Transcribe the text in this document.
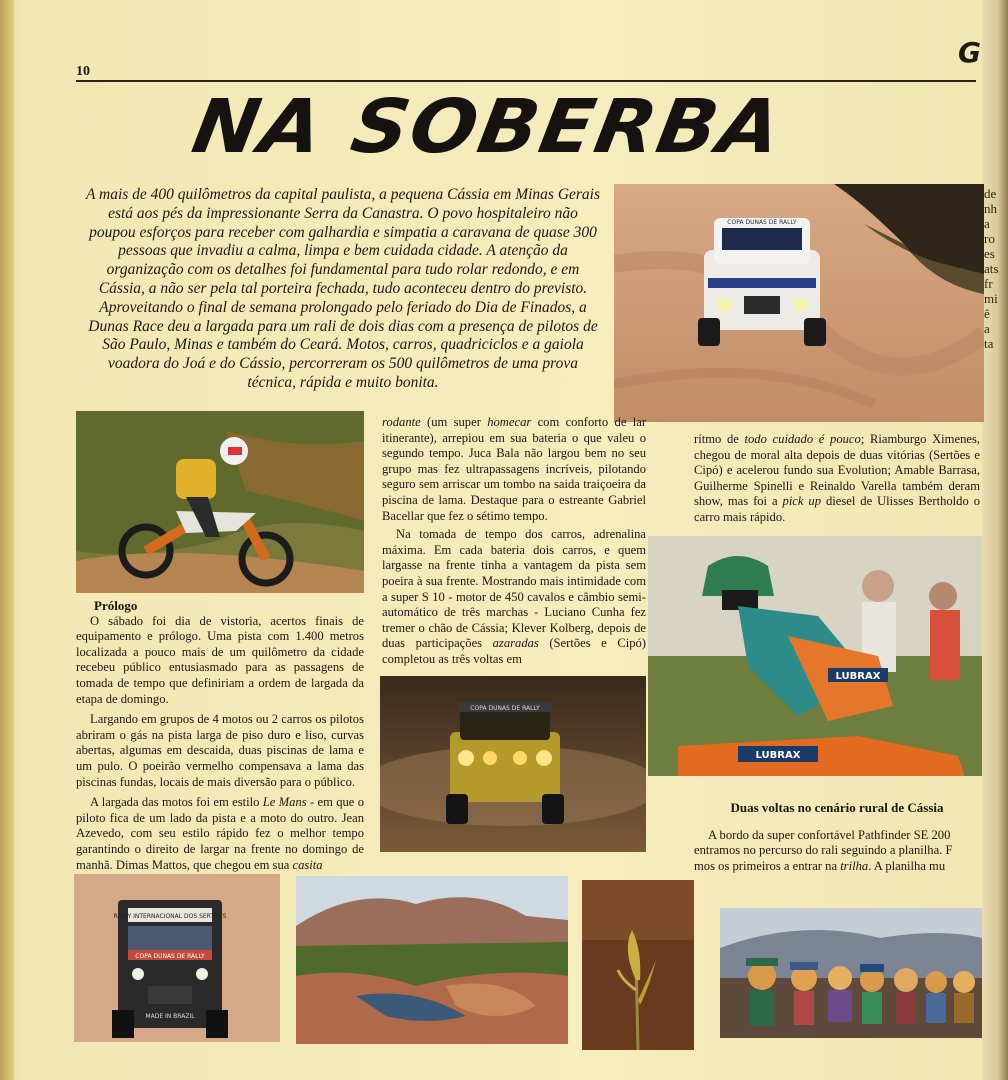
10
G
NA SOBERBA
A mais de 400 quilômetros da capital paulista, a pequena Cássia em Minas Gerais está aos pés da impressionante Serra da Canastra. O povo hospitaleiro não poupou esforços para receber com galhardia e simpatia a caravana de quase 300 pessoas que invadiu a calma, limpa e bem cuidada cidade. A atenção da organização com os detalhes foi fundamental para tudo rolar redondo, e em Cássia, a não ser pela tal porteira fechada, tudo aconteceu dentro do previsto. Aproveitando o final de semana prolongado pelo feriado do Dia de Finados, a Dunas Race deu a largada para um rali de dois dias com a presença de pilotos de São Paulo, Minas e também do Ceará. Motos, carros, quadriciclos e a gaiola voadora do Joá e do Cássio, percorreram os 500 quilômetros de uma prova técnica, rápida e muito bonita.
COPA DUNAS DE RALLY
de
nh
a
ro
es
ats
fr
mi
ê
a
ta
Prólogo

O sábado foi dia de vistoria, acertos finais de equipamento e prólogo. Uma pista com 1.400 metros localizada a pouco mais de um quilômetro da cidade recebeu público entusiasmado para as passagens de tomada de tempo que definiriam a ordem de largada da etapa de domingo.

Largando em grupos de 4 motos ou 2 carros os pilotos abriram o gás na pista larga de piso duro e liso, curvas abertas, algumas em descaida, duas piscinas de lama e um pulo. O poeirão vermelho compensava a lama das piscinas fundas, locais de mais diversão para o público.

A largada das motos foi em estilo Le Mans - em que o piloto fica de um lado da pista e a moto do outro. Jean Azevedo, com seu estilo rápido fez o melhor tempo garantindo o direito de largar na frente no domingo de manhã. Dimas Mattos, que chegou em sua casita

rodante (um super homecar com conforto de lar itinerante), arrepiou em sua bateria o que valeu o segundo tempo. Juca Bala não largou bem no seu grupo mas fez ultrapassagens incríveis, pilotando seguro sem arriscar um tombo na saida traiçoeira da piscina de lama. Destaque para o estreante Gabriel Bacellar que fez o sétimo tempo.

Na tomada de tempo dos carros, adrenalina máxima. Em cada bateria dois carros, e quem largasse na frente tinha a vantagem da pista sem poeira à sua frente. Mostrando mais intimidade com a super S 10 - motor de 450 cavalos e câmbio semi-automático de três marchas - Luciano Cunha fez tremer o chão de Cássia; Klever Kolberg, depois de duas participações azaradas (Sertões e Cipó) completou as três voltas em

COPA DUNAS DE RALLY

rítmo de todo cuidado é pouco; Riamburgo Ximenes, chegou de moral alta depois de duas vitórias (Sertões e Cipó) e acelerou fundo sua Evolution; Amable Barrasa, Guilherme Spinelli e Reinaldo Varella também deram show, mas foi a pick up diesel de Ulisses Bertholdo o carro mais rápido.

LUBRAX
LUBRAX
Duas voltas no cenário rural de Cássia

A bordo da super confortável Pathfinder SE 200

entramos no percurso do rali seguindo a planilha. F

mos os primeiros a entrar na trilha. A planilha mu

RALLY INTERNACIONAL DOS SERTÕES
COPA DUNAS DE RALLY
MADE IN BRAZIL
